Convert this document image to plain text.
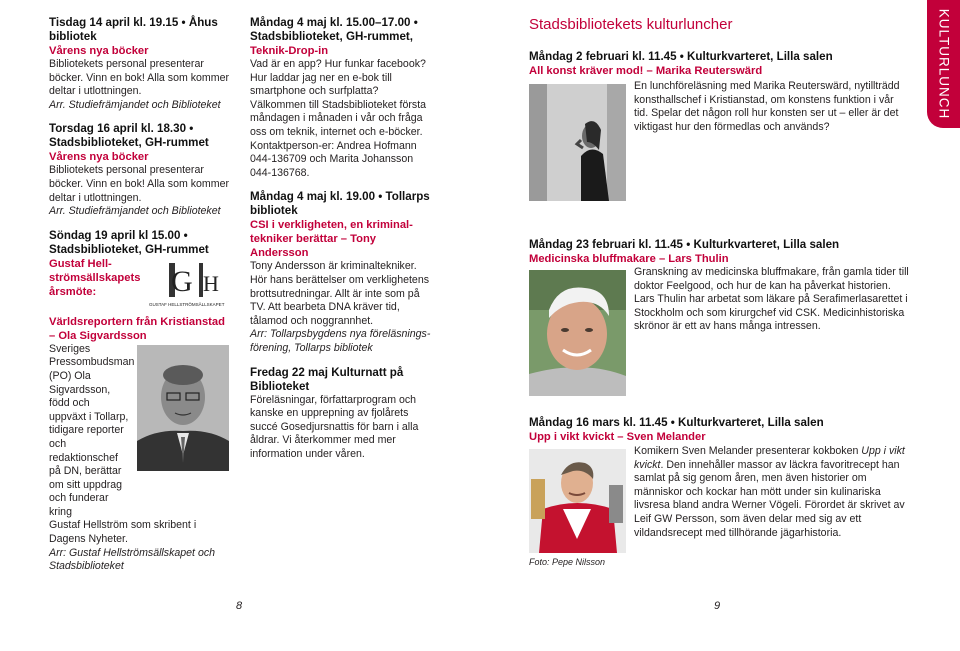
Tisdag 14 april kl. 19.15 • Åhus bibliotek

Vårens nya böcker

Bibliotekets personal presenterar böcker. Vinn en bok! Alla som kommer deltar i utlottningen.

Arr. Studiefrämjandet och Biblioteket

Torsdag 16 april kl. 18.30 • Stadsbiblioteket, GH-rummet

Vårens nya böcker

Bibliotekets personal presenterar böcker. Vinn en bok! Alla som kommer deltar i utlottningen.

Arr. Studiefrämjandet och Biblioteket

Söndag 19 april kl 15.00 • Stadsbiblioteket, GH-rummet

Gustaf Hell-strömsällskapets årsmöte:	G H
GUSTAF HELLSTRÖMSÄLLSKAPET

Världsreportern från Kristianstad – Ola Sigvardsson

Sveriges Pressombudsman (PO) Ola Sigvardsson, född och uppväxt i Tollarp, tidigare reporter och redaktionschef på DN, berättar om sitt uppdrag och funderar kring

Gustaf Hellström som skribent i Dagens Nyheter.

Arr: Gustaf Hellströmsällskapet och Stadsbiblioteket

Måndag 4 maj kl. 15.00–17.00 • Stadsbiblioteket, GH-rummet,

Teknik-Drop-in

Vad är en app? Hur funkar facebook? Hur laddar jag ner en e-bok till smartphone och surfplatta? Välkommen till Stadsbiblioteket första måndagen i månaden i vår och fråga oss om teknik, internet och e-böcker. Kontaktperson-er: Andrea Hofmann 044-136709 och Marita Johansson 044-136768.

Måndag 4 maj kl. 19.00 • Tollarps bibliotek

CSI i verkligheten, en kriminal-tekniker berättar – Tony Andersson

Tony Andersson är kriminaltekniker. Hör hans berättelser om verklighetens brottsutredningar. Allt är inte som på TV. Att bearbeta DNA kräver tid, tålamod och noggrannhet.

Arr: Tollarpsbygdens nya föreläsnings-förening, Tollarps bibliotek

Fredag 22 maj Kulturnatt på Biblioteket

Föreläsningar, författarprogram och kanske en upprepning av fjolårets succé Gosedjursnattis för barn i alla åldrar. Vi återkommer med mer information under våren.

Stadsbibliotekets kulturluncher

Måndag 2 februari kl. 11.45 • Kulturkvarteret, Lilla salen

All konst kräver mod! – Marika Reuterswärd

En lunchföreläsning med Marika Reuterswärd, nytillträdd konsthallschef i Kristianstad, om konstens funktion i vår tid. Spelar det någon roll hur konsten ser ut – eller är det viktigast hur den förmedlas och används?

Måndag 23 februari kl. 11.45 • Kulturkvarteret, Lilla salen

Medicinska bluffmakare – Lars Thulin

Granskning av medicinska bluffmakare, från gamla tider till doktor Feelgood, och hur de kan ha påverkat historien. Lars Thulin har arbetat som läkare på Serafimerlasarettet i Stockholm och som kirurgchef vid CSK. Medicinhistoriska skrönor är ett av hans många intressen.

Måndag 16 mars kl. 11.45 • Kulturkvarteret, Lilla salen

Upp i vikt kvickt – Sven Melander

Komikern Sven Melander presenterar kokboken Upp i vikt kvickt. Den innehåller massor av läckra favoritrecept han samlat på sig genom åren, men även historier om människor och kockar han mött under sin kulinariska livsresa bland andra Werner Vögeli. Förordet är skrivet av Leif GW Persson, som även delar med sig av ett vildandsrecept med tillhörande jägarhistoria.

Foto: Pepe Nilsson

KULTURLUNCH
8	9
